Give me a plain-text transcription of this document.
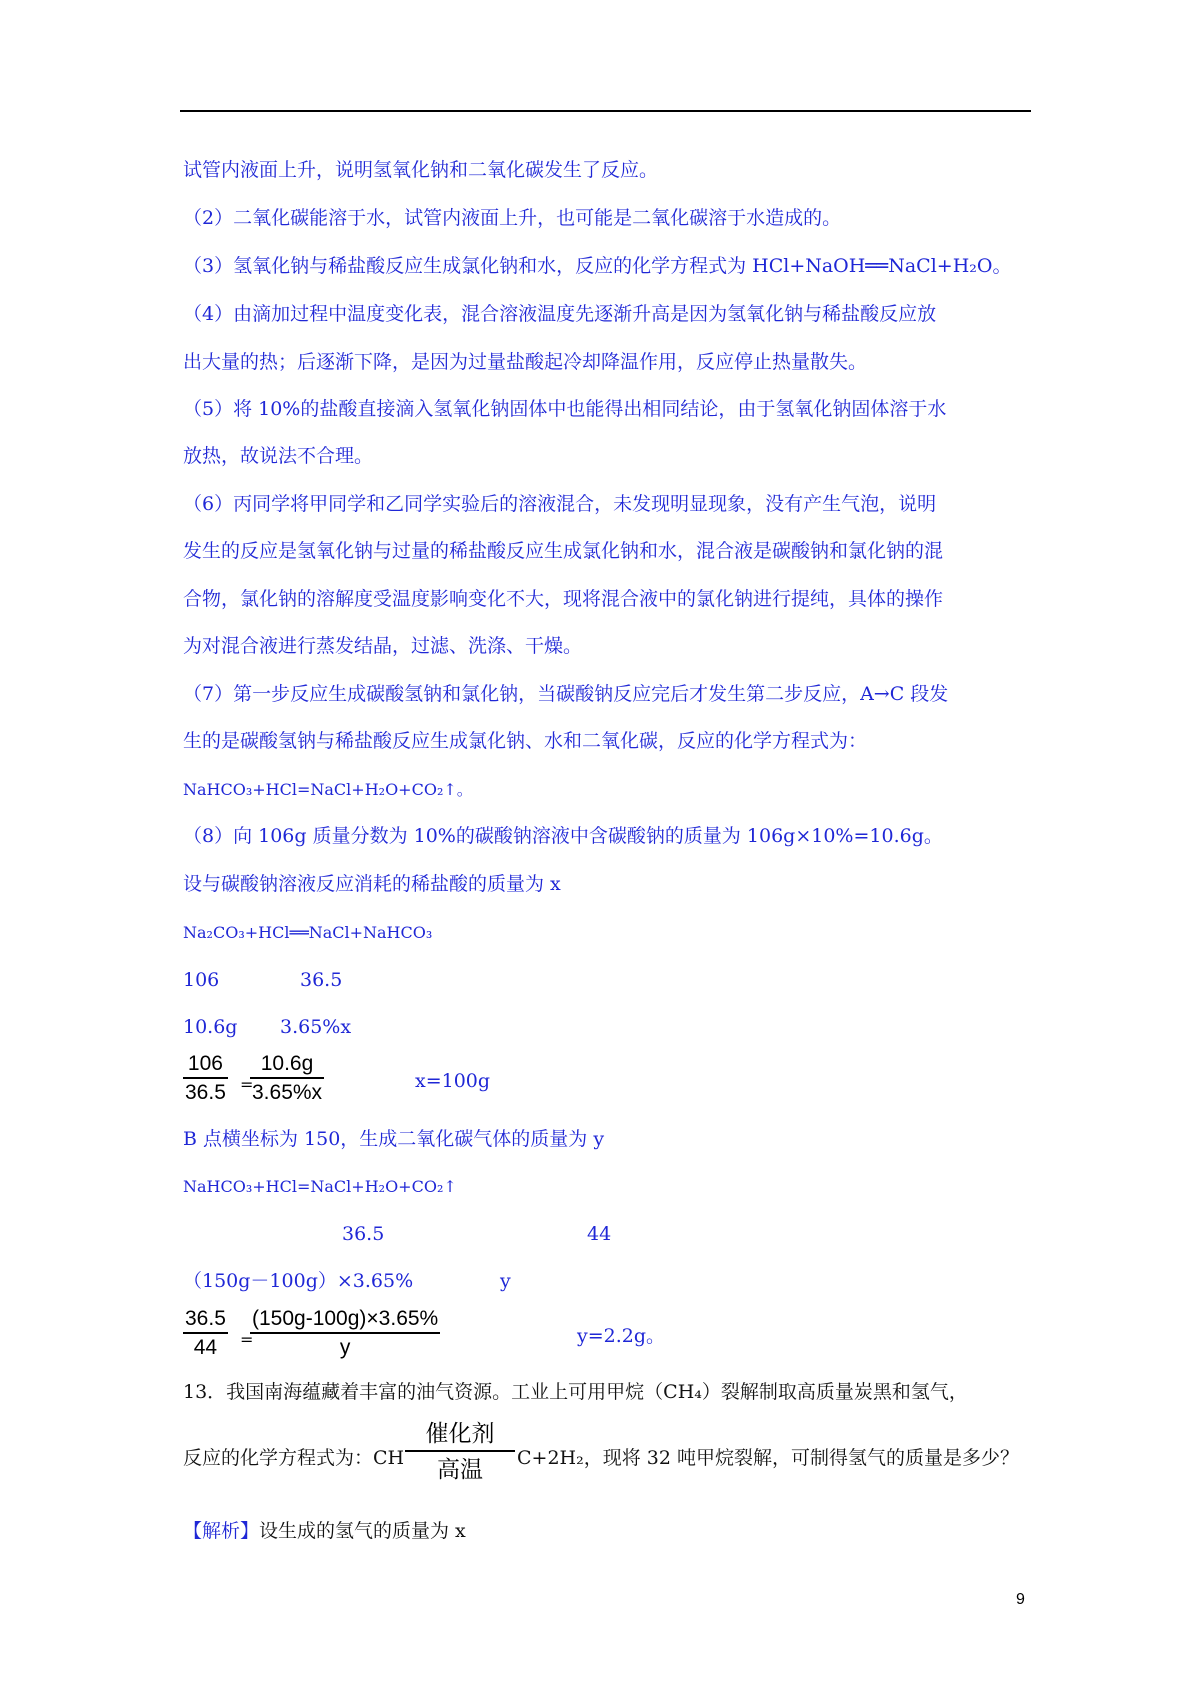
试管内液面上升，说明氢氧化钠和二氧化碳发生了反应。
（2）二氧化碳能溶于水，试管内液面上升，也可能是二氧化碳溶于水造成的。
（3）氢氧化钠与稀盐酸反应生成氯化钠和水，反应的化学方程式为 HCl+NaOH══NaCl+H₂O。
（4）由滴加过程中温度变化表，混合溶液温度先逐渐升高是因为氢氧化钠与稀盐酸反应放
出大量的热；后逐渐下降，是因为过量盐酸起冷却降温作用，反应停止热量散失。
（5）将 10%的盐酸直接滴入氢氧化钠固体中也能得出相同结论，由于氢氧化钠固体溶于水
放热，故说法不合理。
（6）丙同学将甲同学和乙同学实验后的溶液混合，未发现明显现象，没有产生气泡，说明
发生的反应是氢氧化钠与过量的稀盐酸反应生成氯化钠和水，混合液是碳酸钠和氯化钠的混
合物，氯化钠的溶解度受温度影响变化不大，现将混合液中的氯化钠进行提纯，具体的操作
为对混合液进行蒸发结晶，过滤、洗涤、干燥。
（7）第一步反应生成碳酸氢钠和氯化钠，当碳酸钠反应完后才发生第二步反应，A→C 段发
生的是碳酸氢钠与稀盐酸反应生成氯化钠、水和二氧化碳，反应的化学方程式为：
NaHCO₃+HCl=NaCl+H₂O+CO₂↑。
（8）向 106g 质量分数为 10%的碳酸钠溶液中含碳酸钠的质量为 106g×10%=10.6g。
设与碳酸钠溶液反应消耗的稀盐酸的质量为 x
Na₂CO₃+HCl══NaCl+NaHCO₃
106	36.5
10.6g 3.65%x
$\frac{106}{36.5}$ =
$\frac{10.6g}{3.65\%x}$	x=100g
B 点横坐标为 150，生成二氧化碳气体的质量为 y
NaHCO₃+HCl=NaCl+H₂O+CO₂↑
36.5	44
（150g－100g）×3.65%	y
$\frac{36.5}{44}$ =
$\frac{(150g-100g)\times 3.65\%}{y}$	y=2.2g。
13．我国南海蕴藏着丰富的油气资源。工业上可用甲烷（CH₄）裂解制取高质量炭黑和氢气，
反应的化学方程式为：CH
催化剂
高温	C+2H₂，现将 32 吨甲烷裂解，可制得氢气的质量是多少？
【解析】设生成的氢气的质量为 x
9
